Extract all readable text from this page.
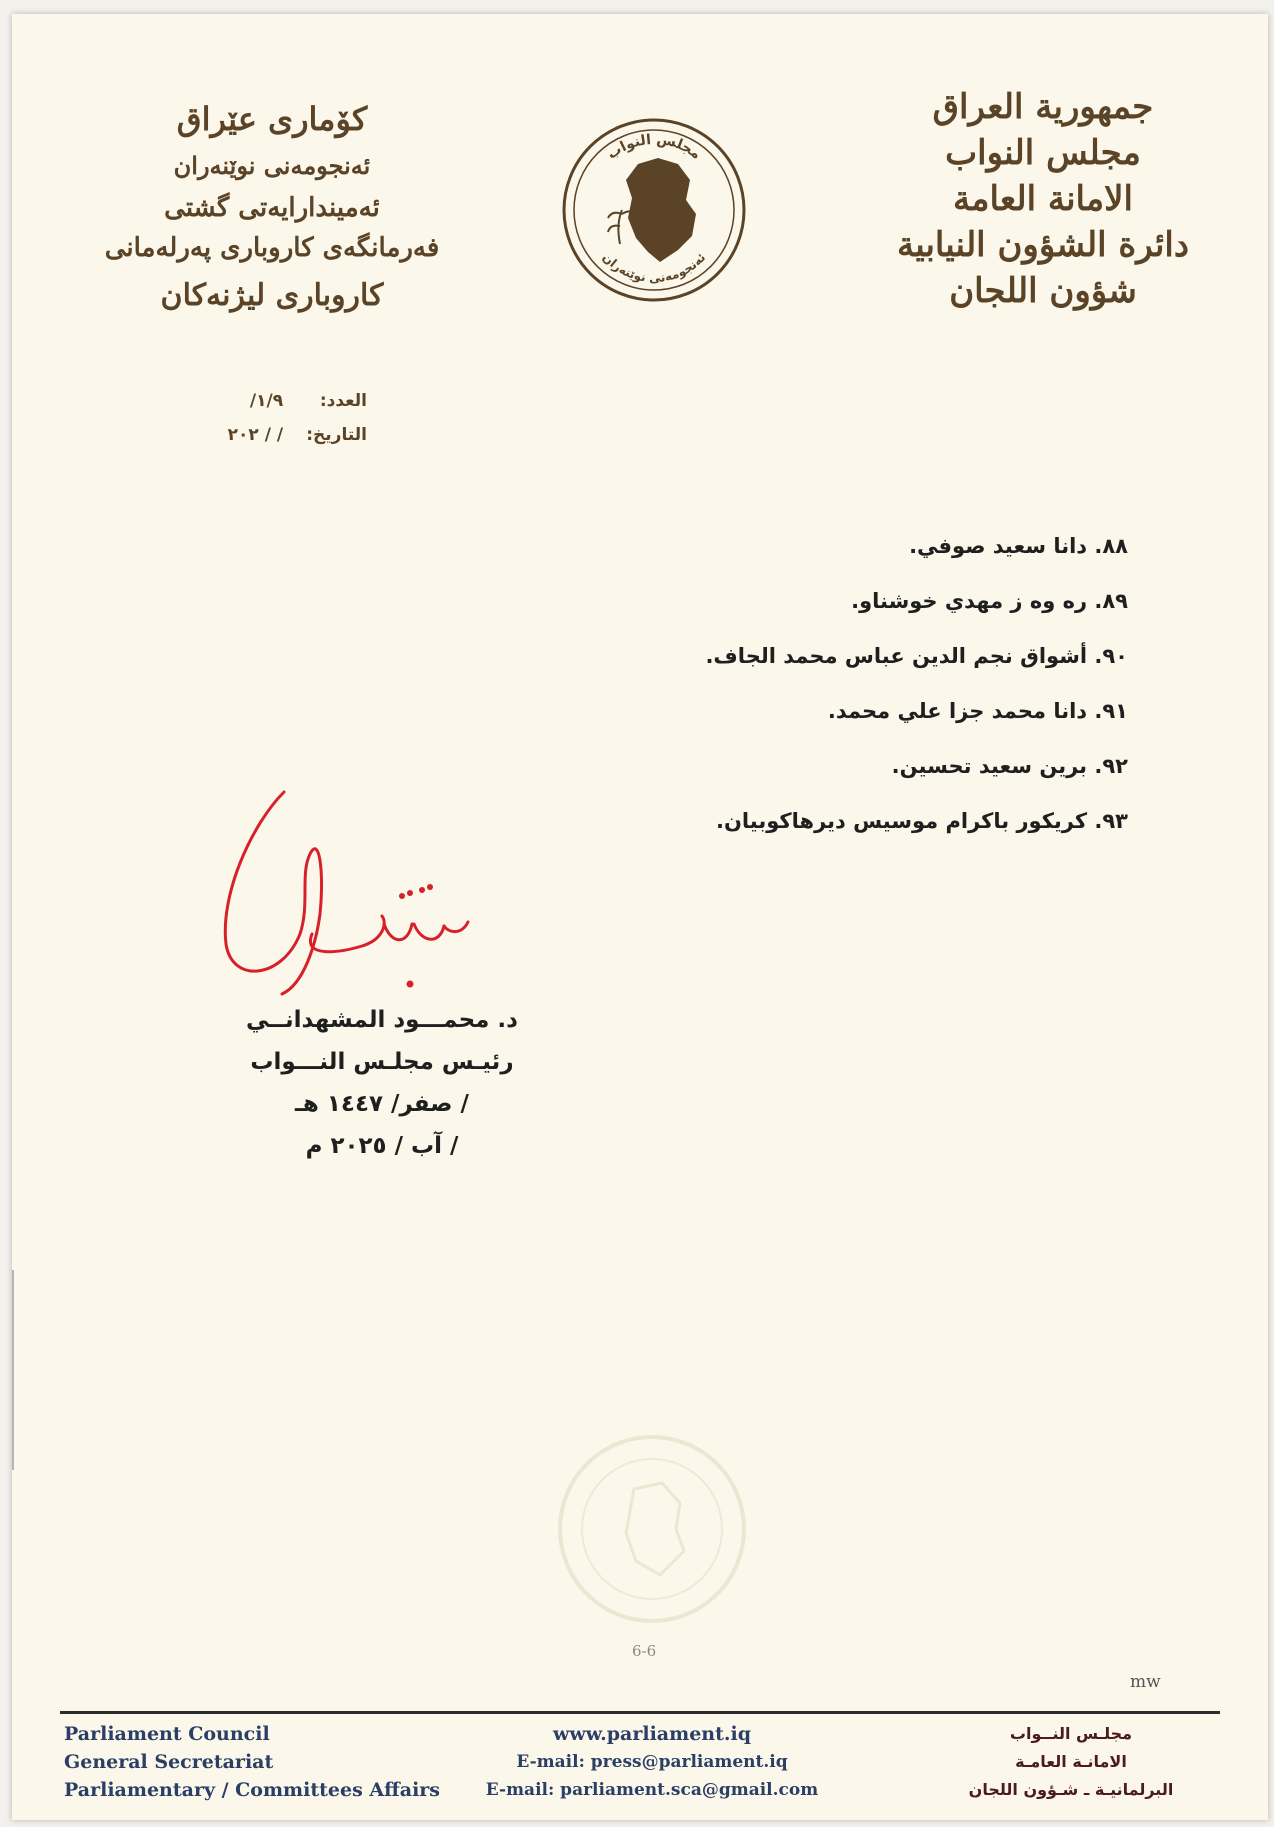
جمهورية العراق
مجلس النواب
الامانة العامة
دائرة الشؤون النيابية
شؤون اللجان
كۆماری عێراق
ئەنجومەنی نوێنەران
ئەمیندارایەتی گشتی
فەرمانگەی كاروباری پەرلەمانی
كاروباری لیژنەكان
مجلس النواب
ئەنجومەنی نوێنەران
العدد: ١/٩/
التاريخ: / / ٢٠٢
٨٨. دانا سعيد صوفي.
٨٩. ره وه ز مهدي خوشناو.
٩٠. أشواق نجم الدين عباس محمد الجاف.
٩١. دانا محمد جزا علي محمد.
٩٢. برين سعيد تحسين.
٩٣. كريكور باكرام موسيس ديرهاكوبيان.
د. محمـــود المشهدانــي
رئيـس مجلـس النـــواب
/ صفر/ ١٤٤٧ هـ
/ آب / ٢٠٢٥ م
6-6
mw
Parliament Council
General Secretariat
Parliamentary / Committees Affairs
www.parliament.iq
E-mail: press@parliament.iq
E-mail: parliament.sca@gmail.com
مجلـس النــواب
الامانـة العامـة
البرلمانيـة ـ شـؤون اللجان
